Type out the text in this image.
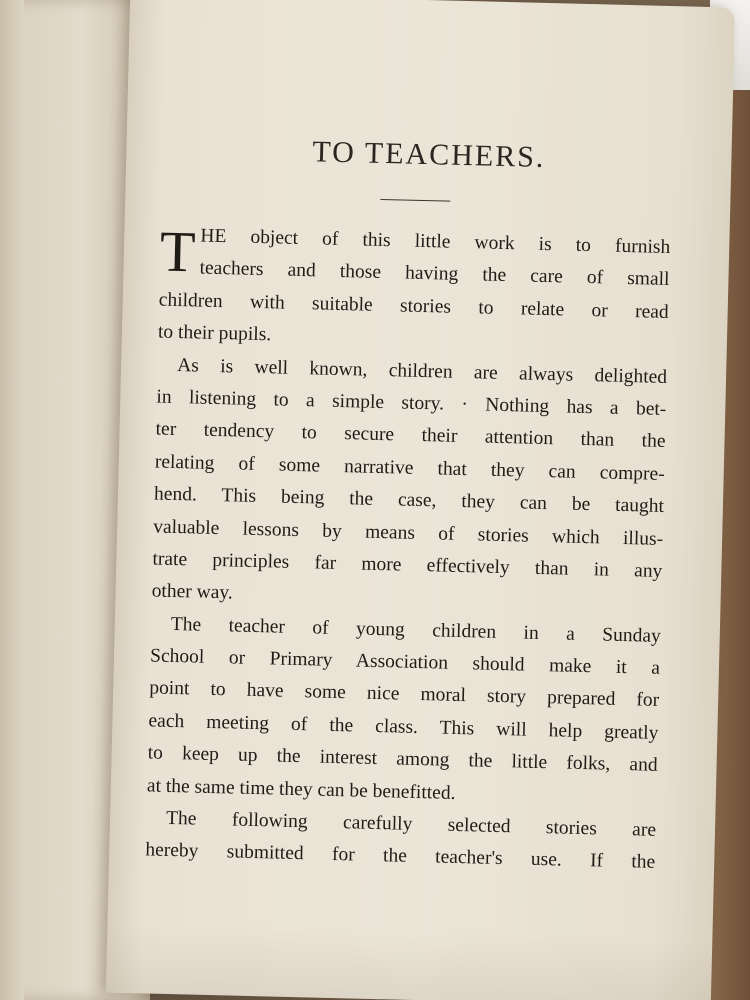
TO TEACHERS.
T HE object of this little work is to furnish
teachers and those having the care of small
children with suitable stories to relate or read
to their pupils.
As is well known, children are always delighted
in listening to a simple story. · Nothing has a bet-
ter tendency to secure their attention than the
relating of some narrative that they can compre-
hend. This being the case, they can be taught
valuable lessons by means of stories which illus-
trate principles far more effectively than in any
other way.
The teacher of young children in a Sunday
School or Primary Association should make it a
point to have some nice moral story prepared for
each meeting of the class. This will help greatly
to keep up the interest among the little folks, and
at the same time they can be benefitted.
The following carefully selected stories are
hereby submitted for the teacher's use. If the
